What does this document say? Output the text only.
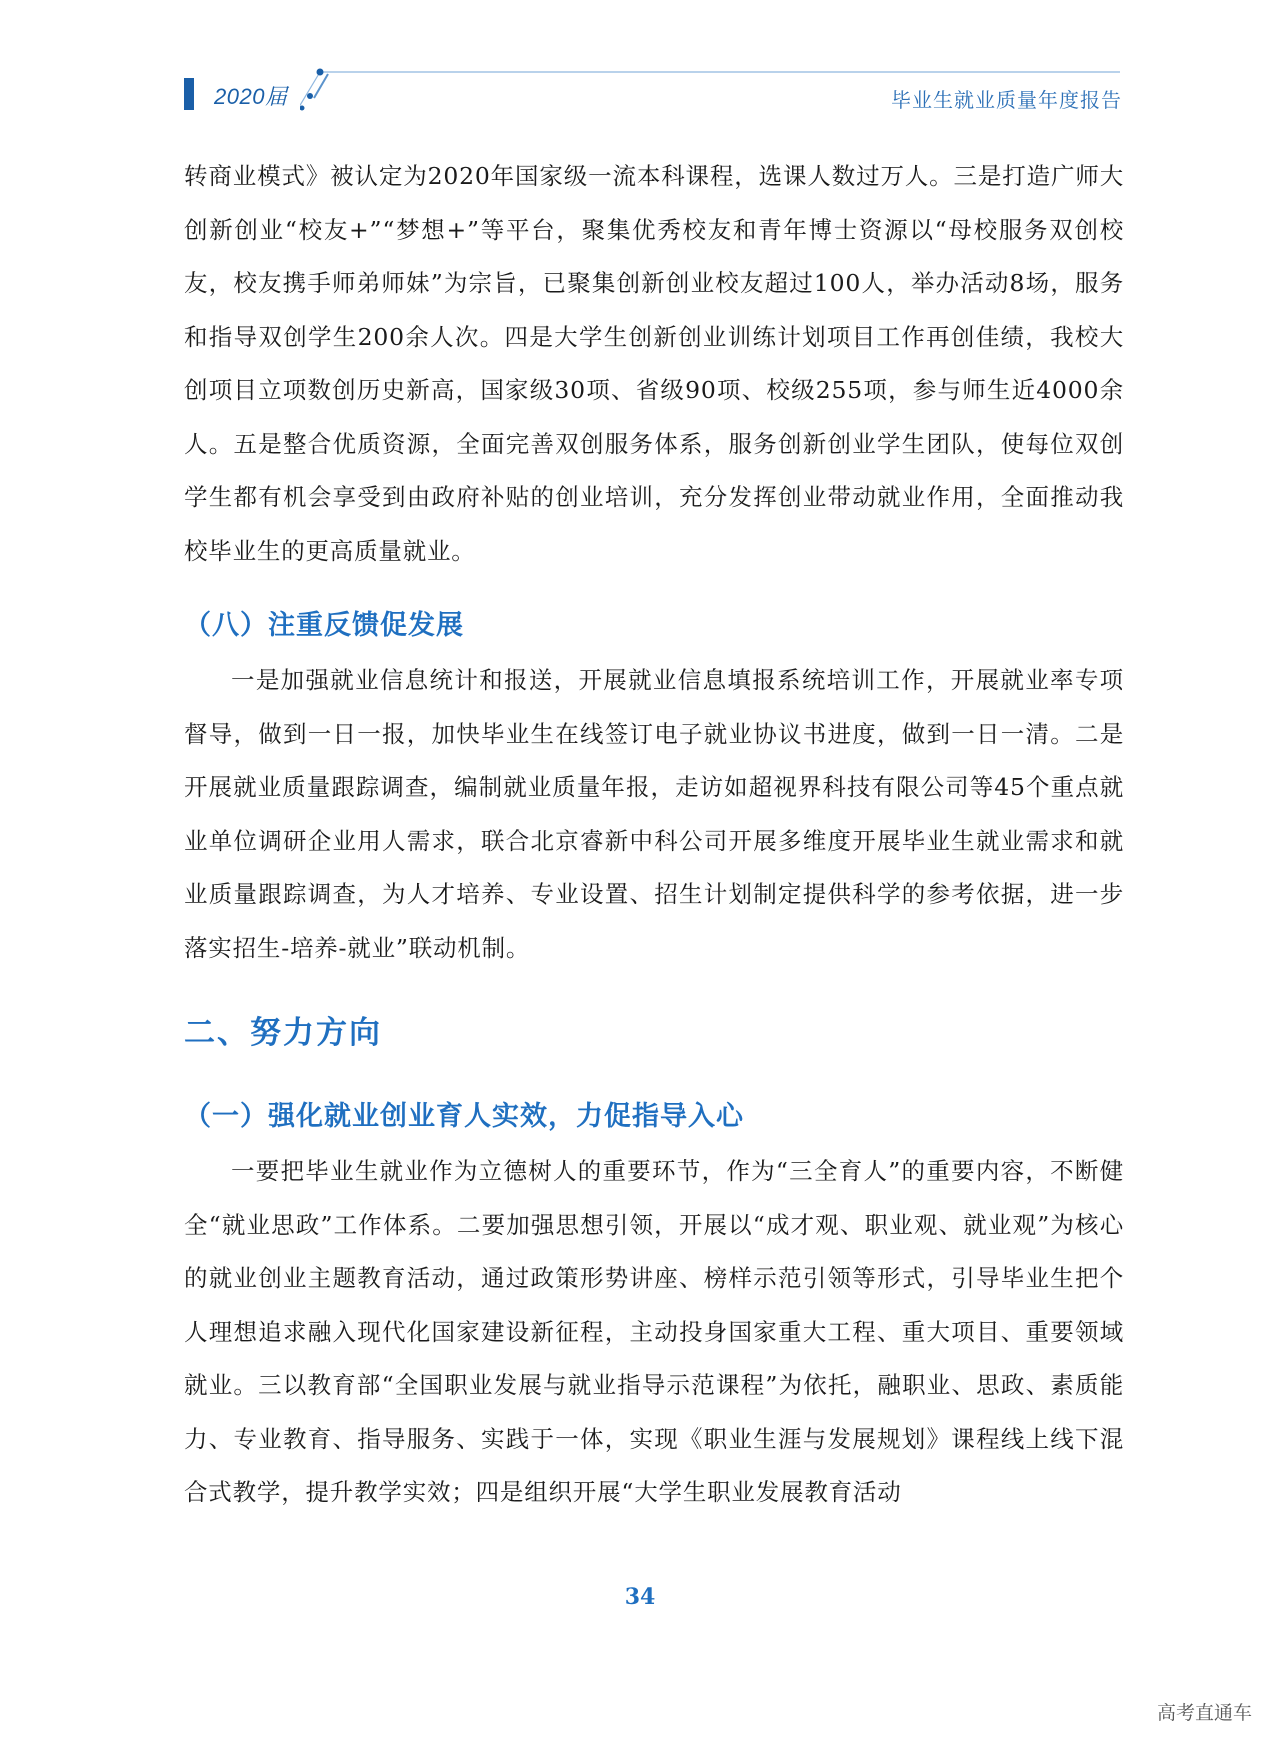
2020届	毕业生就业质量年度报告

转商业模式》被认定为2020年国家级一流本科课程，选课人数过万人。三是打造广师大创新创业“校友+”“梦想+”等平台，聚集优秀校友和青年博士资源以“母校服务双创校友，校友携手师弟师妹”为宗旨，已聚集创新创业校友超过100人，举办活动8场，服务和指导双创学生200余人次。四是大学生创新创业训练计划项目工作再创佳绩，我校大创项目立项数创历史新高，国家级30项、省级90项、校级255项，参与师生近4000余人。五是整合优质资源，全面完善双创服务体系，服务创新创业学生团队，使每位双创学生都有机会享受到由政府补贴的创业培训，充分发挥创业带动就业作用，全面推动我校毕业生的更高质量就业。

（八）注重反馈促发展

一是加强就业信息统计和报送，开展就业信息填报系统培训工作，开展就业率专项督导，做到一日一报，加快毕业生在线签订电子就业协议书进度，做到一日一清。二是开展就业质量跟踪调查，编制就业质量年报，走访如超视界科技有限公司等45个重点就业单位调研企业用人需求，联合北京睿新中科公司开展多维度开展毕业生就业需求和就业质量跟踪调查，为人才培养、专业设置、招生计划制定提供科学的参考依据，进一步落实招生-培养-就业”联动机制。

二、努力方向
（一）强化就业创业育人实效，力促指导入心

一要把毕业生就业作为立德树人的重要环节，作为“三全育人”的重要内容，不断健全“就业思政”工作体系。二要加强思想引领，开展以“成才观、职业观、就业观”为核心的就业创业主题教育活动，通过政策形势讲座、榜样示范引领等形式，引导毕业生把个人理想追求融入现代化国家建设新征程，主动投身国家重大工程、重大项目、重要领域就业。三以教育部“全国职业发展与就业指导示范课程”为依托，融职业、思政、素质能力、专业教育、指导服务、实践于一体，实现《职业生涯与发展规划》课程线上线下混合式教学，提升教学实效；四是组织开展“大学生职业发展教育活动

34
高考直通车
